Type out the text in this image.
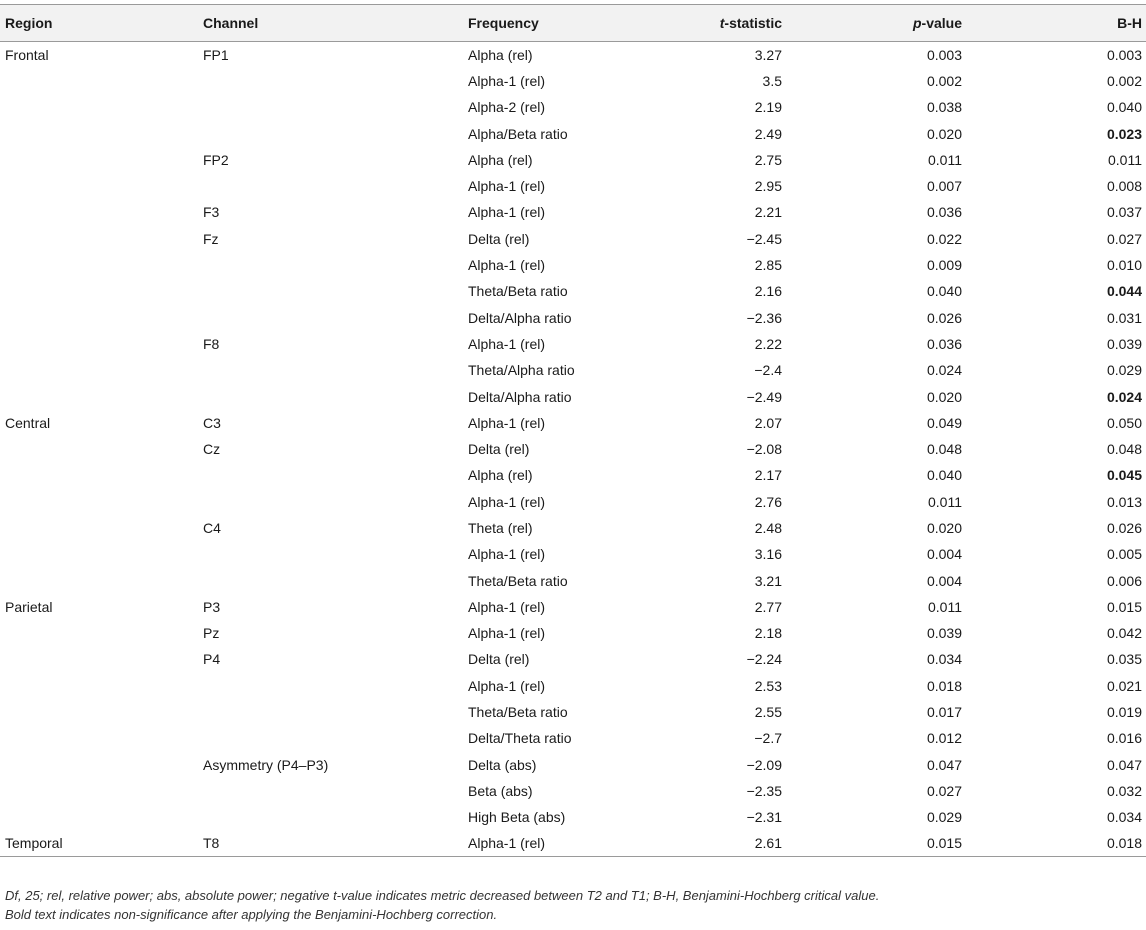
Region	Channel	Frequency	t-statistic	p-value	B-H
Frontal	FP1	Alpha (rel)	3.27	0.003	0.003
		Alpha-1 (rel)	3.5	0.002	0.002
		Alpha-2 (rel)	2.19	0.038	0.040
		Alpha/Beta ratio	2.49	0.020	0.023
	FP2	Alpha (rel)	2.75	0.011	0.011
		Alpha-1 (rel)	2.95	0.007	0.008
	F3	Alpha-1 (rel)	2.21	0.036	0.037
	Fz	Delta (rel)	−2.45	0.022	0.027
		Alpha-1 (rel)	2.85	0.009	0.010
		Theta/Beta ratio	2.16	0.040	0.044
		Delta/Alpha ratio	−2.36	0.026	0.031
	F8	Alpha-1 (rel)	2.22	0.036	0.039
		Theta/Alpha ratio	−2.4	0.024	0.029
		Delta/Alpha ratio	−2.49	0.020	0.024
Central	C3	Alpha-1 (rel)	2.07	0.049	0.050
	Cz	Delta (rel)	−2.08	0.048	0.048
		Alpha (rel)	2.17	0.040	0.045
		Alpha-1 (rel)	2.76	0.011	0.013
	C4	Theta (rel)	2.48	0.020	0.026
		Alpha-1 (rel)	3.16	0.004	0.005
		Theta/Beta ratio	3.21	0.004	0.006
Parietal	P3	Alpha-1 (rel)	2.77	0.011	0.015
	Pz	Alpha-1 (rel)	2.18	0.039	0.042
	P4	Delta (rel)	−2.24	0.034	0.035
		Alpha-1 (rel)	2.53	0.018	0.021
		Theta/Beta ratio	2.55	0.017	0.019
		Delta/Theta ratio	−2.7	0.012	0.016
	Asymmetry (P4–P3)	Delta (abs)	−2.09	0.047	0.047
		Beta (abs)	−2.35	0.027	0.032
		High Beta (abs)	−2.31	0.029	0.034
Temporal	T8	Alpha-1 (rel)	2.61	0.015	0.018
Df, 25; rel, relative power; abs, absolute power; negative t-value indicates metric decreased between T2 and T1; B-H, Benjamini-Hochberg critical value.
Bold text indicates non-significance after applying the Benjamini-Hochberg correction.
